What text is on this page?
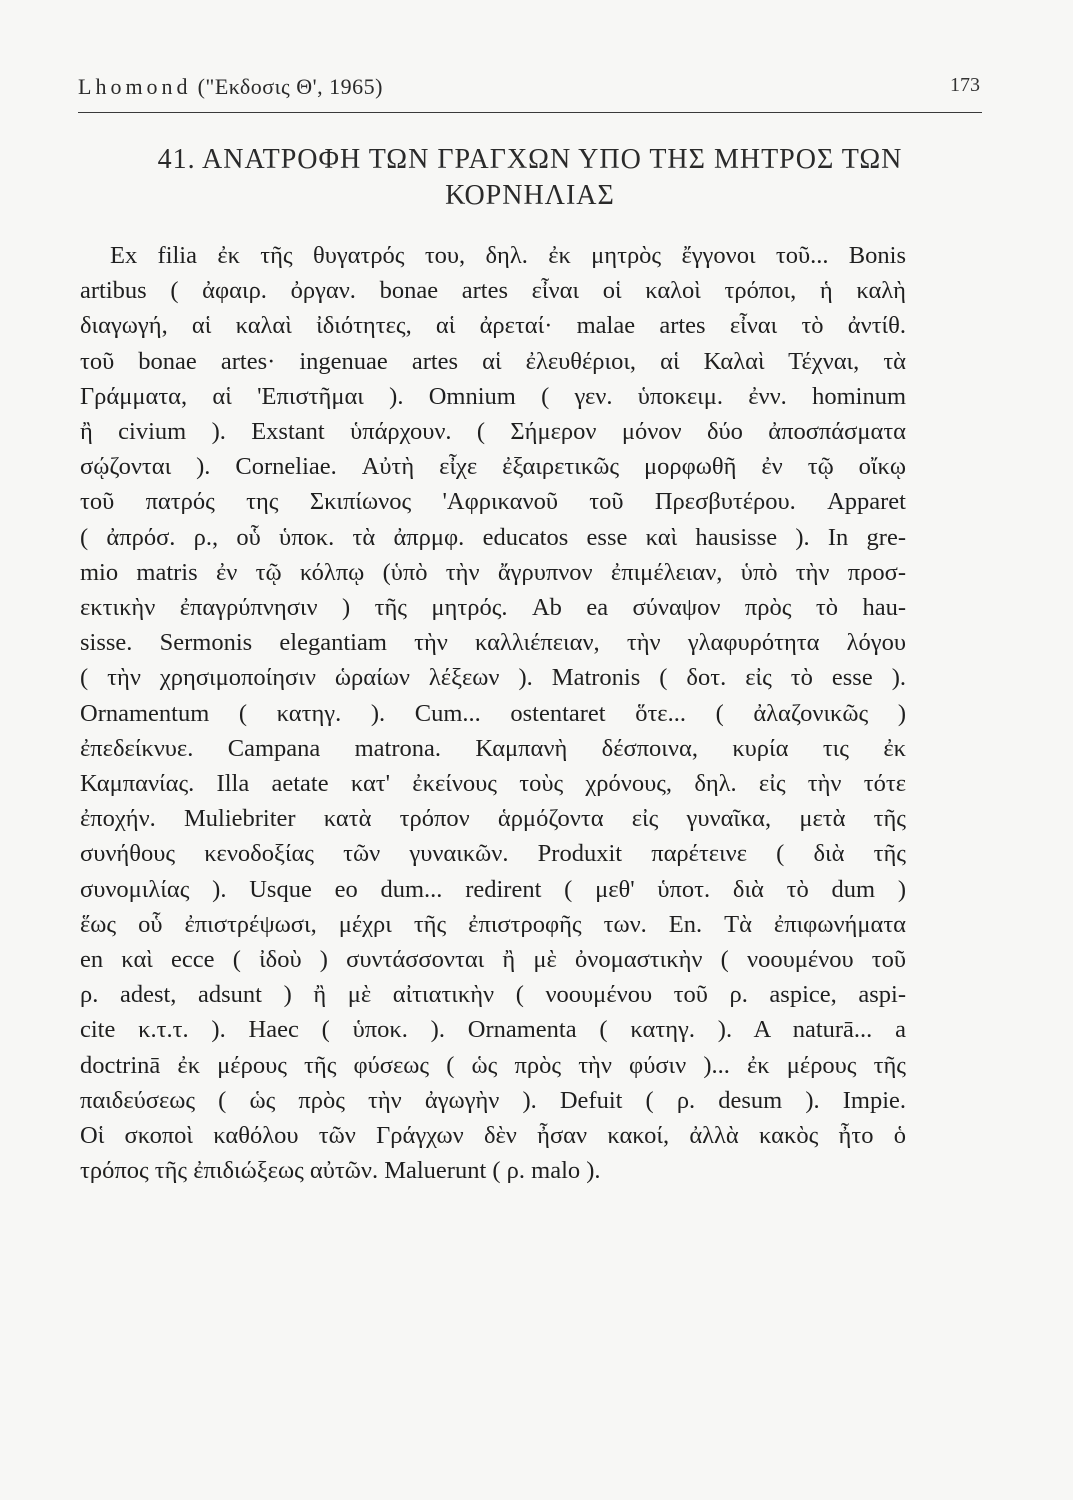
Lhomond ("Εκδοσις Θ', 1965)	173
41. ΑΝΑΤΡΟΦΗ ΤΩΝ ΓΡΑΓΧΩΝ ΥΠΟ ΤΗΣ ΜΗΤΡΟΣ ΤΩΝ
ΚΟΡΝΗΛΙΑΣ
Ex filia ἐκ τῆς θυγατρός του, δηλ. ἐκ μητρὸς ἔγγονοι τοῦ... Bonis
artibus ( ἀφαιρ. ὀργαν. bonae artes εἶναι οἱ καλοὶ τρόποι, ἡ καλὴ
διαγωγή, αἱ καλαὶ ἰδιότητες, αἱ ἀρεταί· malae artes εἶναι τὸ ἀντίθ.
τοῦ bonae artes· ingenuae artes αἱ ἐλευθέριοι, αἱ Καλαὶ Τέχναι, τὰ
Γράμματα, αἱ 'Επιστῆμαι ). Omnium ( γεν. ὑποκειμ. ἐνν. hominum
ἢ civium ). Exstant ὑπάρχουν. ( Σήμερον μόνον δύο ἀποσπάσματα
σῴζονται ). Corneliae. Αὐτὴ εἶχε ἐξαιρετικῶς μορφωθῆ ἐν τῷ οἴκῳ
τοῦ πατρός της Σκιπίωνος 'Αφρικανοῦ τοῦ Πρεσβυτέρου. Apparet
( ἀπρόσ. ρ., οὗ ὑποκ. τὰ ἀπρμφ. educatos esse καὶ hausisse ). In gre-
mio matris ἐν τῷ κόλπῳ (ὑπὸ τὴν ἄγρυπνον ἐπιμέλειαν, ὑπὸ τὴν προσ-
εκτικὴν ἐπαγρύπνησιν ) τῆς μητρός. Ab ea σύναψον πρὸς τὸ hau-
sisse. Sermonis elegantiam τὴν καλλιέπειαν, τὴν γλαφυρότητα λόγου
( τὴν χρησιμοποίησιν ὡραίων λέξεων ). Matronis ( δοτ. εἰς τὸ esse ).
Ornamentum ( κατηγ. ). Cum... ostentaret ὅτε... ( ἀλαζονικῶς )
ἐπεδείκνυε. Campana matrona. Καμπανὴ δέσποινα, κυρία τις ἐκ
Καμπανίας. Illa aetate κατ' ἐκείνους τοὺς χρόνους, δηλ. εἰς τὴν τότε
ἐποχήν. Muliebriter κατὰ τρόπον ἁρμόζοντα εἰς γυναῖκα, μετὰ τῆς
συνήθους κενοδοξίας τῶν γυναικῶν. Produxit παρέτεινε ( διὰ τῆς
συνομιλίας ). Usque eo dum... redirent ( μεθ' ὑποτ. διὰ τὸ dum )
ἕως οὗ ἐπιστρέψωσι, μέχρι τῆς ἐπιστροφῆς των. En. Τὰ ἐπιφωνήματα
en καὶ ecce ( ἰδοὺ ) συντάσσονται ἢ μὲ ὀνομαστικὴν ( νοουμένου τοῦ
ρ. adest, adsunt ) ἢ μὲ αἰτιατικὴν ( νοουμένου τοῦ ρ. aspice, aspi-
cite κ.τ.τ. ). Haec ( ὑποκ. ). Ornamenta ( κατηγ. ). A naturā... a
doctrinā ἐκ μέρους τῆς φύσεως ( ὡς πρὸς τὴν φύσιν )... ἐκ μέρους τῆς
παιδεύσεως ( ὡς πρὸς τὴν ἀγωγὴν ). Defuit ( ρ. desum ). Impie.
Οἱ σκοποὶ καθόλου τῶν Γράγχων δὲν ἦσαν κακοί, ἀλλὰ κακὸς ἦτο ὁ
τρόπος τῆς ἐπιδιώξεως αὐτῶν. Maluerunt ( ρ. malo ).
